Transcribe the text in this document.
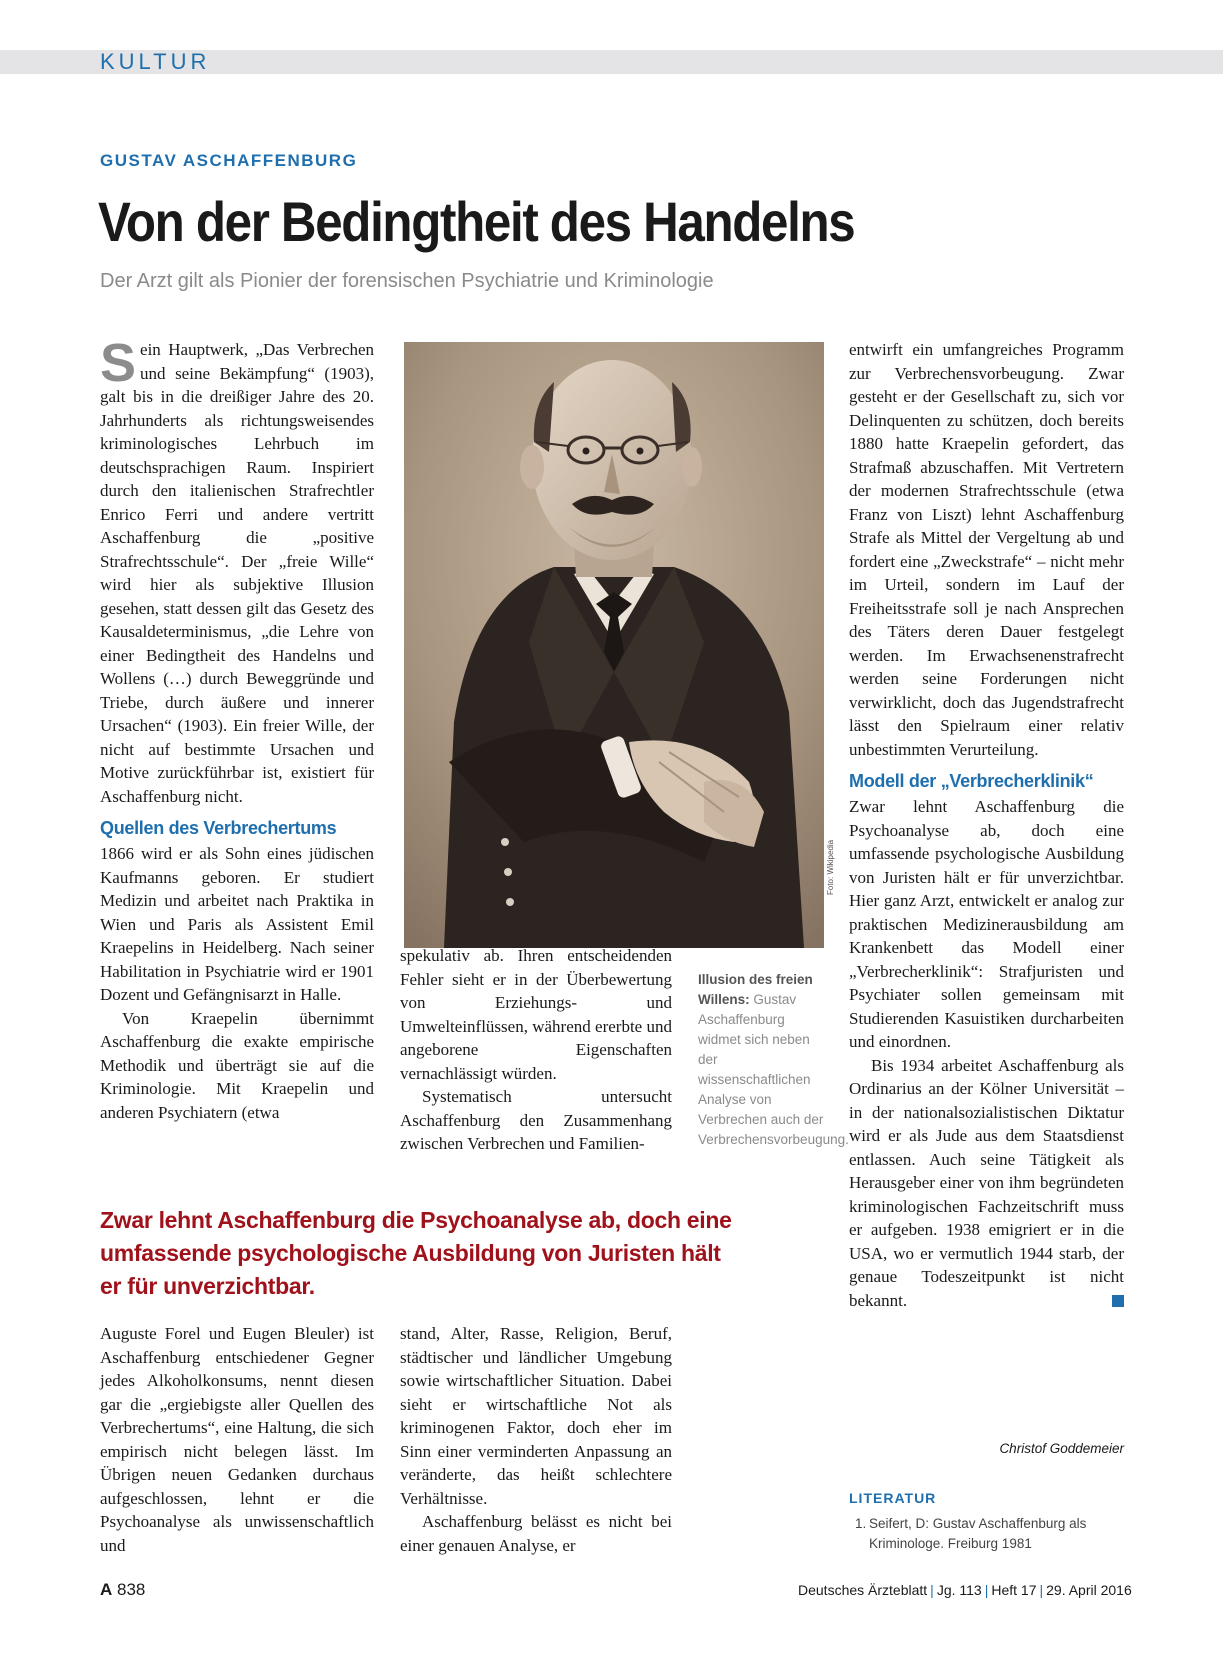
KULTUR
GUSTAV ASCHAFFENBURG
Von der Bedingtheit des Handelns
Der Arzt gilt als Pionier der forensischen Psychiatrie und Kriminologie

Sein Hauptwerk, „Das Verbrechen und seine Bekämpfung“ (1903), galt bis in die dreißiger Jahre des 20. Jahrhunderts als richtungsweisendes kriminologisches Lehrbuch im deutschsprachigen Raum. Inspiriert durch den italienischen Strafrechtler Enrico Ferri und andere vertritt Aschaffenburg die „positive Strafrechtsschule“. Der „freie Wille“ wird hier als subjektive Illusion gesehen, statt dessen gilt das Gesetz des Kausaldeterminismus, „die Lehre von einer Bedingtheit des Handelns und Wollens (…) durch Beweggründe und Triebe, durch äußere und innerer Ursachen“ (1903). Ein freier Wille, der nicht auf bestimmte Ursachen und Motive zurückführbar ist, existiert für Aschaffenburg nicht.

Quellen des Verbrechertums

1866 wird er als Sohn eines jüdischen Kaufmanns geboren. Er studiert Medizin und arbeitet nach Praktika in Wien und Paris als Assistent Emil Kraepelins in Heidelberg. Nach seiner Habilitation in Psychiatrie wird er 1901 Dozent und Gefängnisarzt in Halle.

Von Kraepelin übernimmt Aschaffenburg die exakte empirische Methodik und überträgt sie auf die Kriminologie. Mit Kraepelin und anderen Psychiatern (etwa

Foto: Wikipedia
Illusion des freien Willens: Gustav Aschaffenburg widmet sich neben der wissenschaftlichen Analyse von Verbrechen auch der Verbrechensvorbeugung.

spekulativ ab. Ihren entscheidenden Fehler sieht er in der Überbewertung von Erziehungs- und Umwelteinflüssen, während ererbte und angeborene Eigenschaften vernachlässigt würden.

Systematisch untersucht Aschaffenburg den Zusammenhang zwischen Verbrechen und Familien-

entwirft ein umfangreiches Programm zur Verbrechensvorbeugung. Zwar gesteht er der Gesellschaft zu, sich vor Delinquenten zu schützen, doch bereits 1880 hatte Kraepelin gefordert, das Strafmaß abzuschaffen. Mit Vertretern der modernen Strafrechtsschule (etwa Franz von Liszt) lehnt Aschaffenburg Strafe als Mittel der Vergeltung ab und fordert eine „Zweckstrafe“ – nicht mehr im Urteil, sondern im Lauf der Freiheitsstrafe soll je nach Ansprechen des Täters deren Dauer festgelegt werden. Im Erwachsenenstrafrecht werden seine Forderungen nicht verwirklicht, doch das Jugendstrafrecht lässt den Spielraum einer relativ unbestimmten Verurteilung.

Modell der „Verbrecherklinik“

Zwar lehnt Aschaffenburg die Psychoanalyse ab, doch eine umfassende psychologische Ausbildung von Juristen hält er für unverzichtbar. Hier ganz Arzt, entwickelt er analog zur praktischen Medizinerausbildung am Krankenbett das Modell einer „Verbrecherklinik“: Strafjuristen und Psychiater sollen gemeinsam mit Studierenden Kasuistiken durcharbeiten und einordnen.

Bis 1934 arbeitet Aschaffenburg als Ordinarius an der Kölner Universität – in der nationalsozialistischen Diktatur wird er als Jude aus dem Staatsdienst entlassen. Auch seine Tätigkeit als Herausgeber einer von ihm begründeten kriminologischen Fachzeitschrift muss er aufgeben. 1938 emigriert er in die USA, wo er vermutlich 1944 starb, der genaue Todeszeitpunkt ist nicht bekannt.

Christof Goddemeier
Zwar lehnt Aschaffenburg die Psychoanalyse ab, doch eine
umfassende psychologische Ausbildung von Juristen hält
er für unverzichtbar.

Auguste Forel und Eugen Bleuler) ist Aschaffenburg entschiedener Gegner jedes Alkoholkonsums, nennt diesen gar die „ergiebigste aller Quellen des Verbrechertums“, eine Haltung, die sich empirisch nicht belegen lässt. Im Übrigen neuen Gedanken durchaus aufgeschlossen, lehnt er die Psychoanalyse als unwissenschaftlich und

stand, Alter, Rasse, Religion, Beruf, städtischer und ländlicher Umgebung sowie wirtschaftlicher Situation. Dabei sieht er wirtschaftliche Not als kriminogenen Faktor, doch eher im Sinn einer verminderten Anpassung an veränderte, das heißt schlechtere Verhältnisse.

Aschaffenburg belässt es nicht bei einer genauen Analyse, er

LITERATUR
1. Seifert, D: Gustav Aschaffenburg als
Kriminologe. Freiburg 1981
A 838	Deutsches Ärzteblatt | Jg. 113 | Heft 17 | 29. April 2016
